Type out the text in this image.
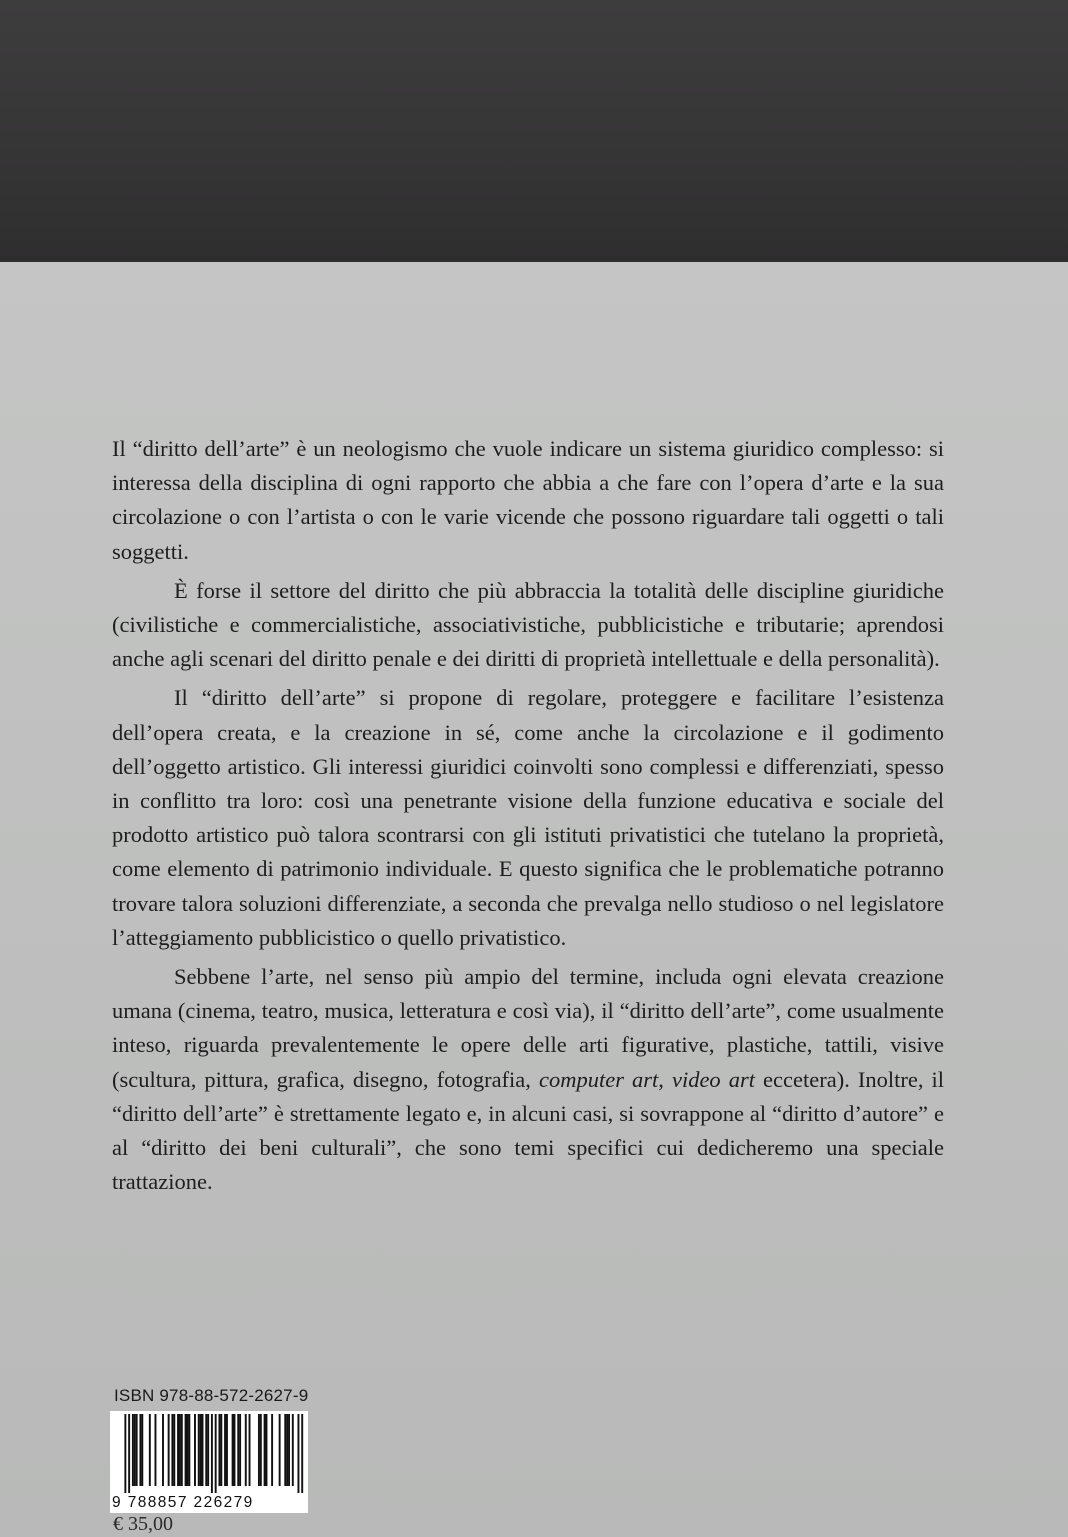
Il “diritto dell’arte” è un neologismo che vuole indicare un sistema giuridico complesso: si interessa della disciplina di ogni rapporto che abbia a che fare con l’opera d’arte e la sua circolazione o con l’artista o con le varie vicende che possono riguardare tali oggetti o tali soggetti.

È forse il settore del diritto che più abbraccia la totalità delle discipline giuridiche (civilistiche e commercialistiche, associativistiche, pubblicistiche e tributarie; aprendosi anche agli scenari del diritto penale e dei diritti di proprietà intellettuale e della personalità).

Il “diritto dell’arte” si propone di regolare, proteggere e facilitare l’esistenza dell’opera creata, e la creazione in sé, come anche la circolazione e il godimento dell’oggetto artistico. Gli interessi giuridici coinvolti sono complessi e differenziati, spesso in conflitto tra loro: così una penetrante visione della funzione educativa e sociale del prodotto artistico può talora scontrarsi con gli istituti privatistici che tutelano la proprietà, come elemento di patrimonio individuale. E questo significa che le problematiche potranno trovare talora soluzioni differenziate, a seconda che prevalga nello studioso o nel legislatore l’atteggiamento pubblicistico o quello privatistico.

Sebbene l’arte, nel senso più ampio del termine, includa ogni elevata creazione umana (cinema, teatro, musica, letteratura e così via), il “diritto dell’arte”, come usualmente inteso, riguarda prevalentemente le opere delle arti figurative, plastiche, tattili, visive (scultura, pittura, grafica, disegno, fotografia, computer art, video art eccetera). Inoltre, il “diritto dell’arte” è strettamente legato e, in alcuni casi, si sovrappone al “diritto d’autore” e al “diritto dei beni culturali”, che sono temi specifici cui dedicheremo una speciale trattazione.

ISBN 978-88-572-2627-9
9 788857 226279
€ 35,00
